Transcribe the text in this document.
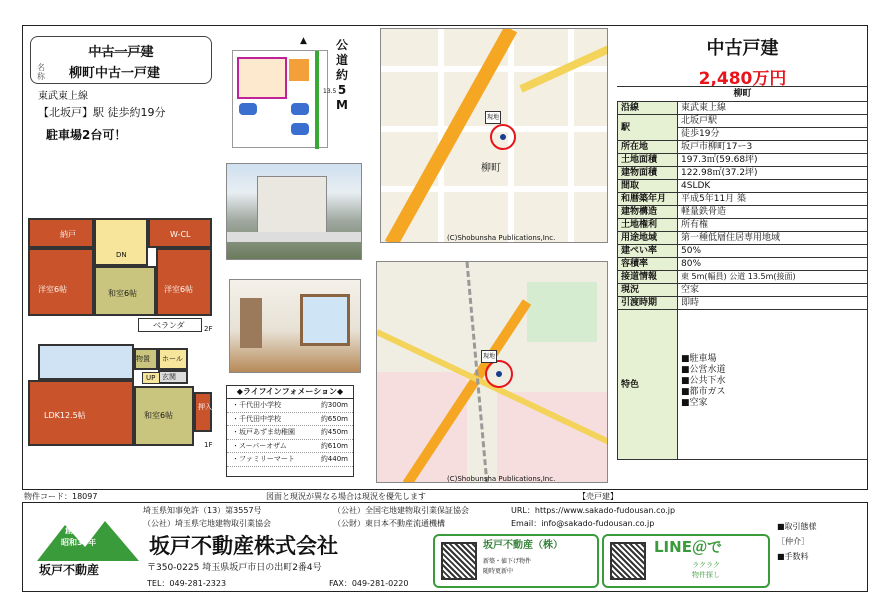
中古一戸建
名称	柳町中古一戸建
東武東上線
【北坂戸】駅 徒歩約19分
駐車場2台可！
▲ 公道約5M
13.5
納戸	W-CL
DN
洋室6帖	和室6帖	洋室6帖
ベランダ	2F
物置 ホール
玄関
LDK12.5帖
UP
和室6帖
押入
1F
◆ライフインフォメーション◆
・千代田小学校	約300m
・千代田中学校	約650m
・坂戸あずま幼稚園	約450m
・スーパーオザム	約610m
・ファミリーマート	約440m
現地
柳町
(C)Shobunsha Publications,Inc.
現地
(C)Shobunsha Publications,Inc.
中古戸建
2,480万円
柳町
沿線	東武東上線
駅	北坂戸駅
	徒歩19分
所在地	坂戸市柳町17ー3
土地面積	197.3㎡(59.68坪)
建物面積	122.98㎡(37.2坪)
間取	4SLDK
和暦築年月	平成5年11月 築
建物構造	軽量鉄骨造
土地権利	所有権
用途地域	第一種低層住居専用地域
建ぺい率	50%
容積率	80%
接道情報	東 5m(幅員) 公道 13.5m(接面)
現況	空家
引渡時期	即時
特色	■駐車場
■公営水道
■公共下水
■都市ガス
■空家
物件コード：18097	図面と現況が異なる場合は現況を優先します	【売戸建】
創業
昭和35年
坂戸不動産
埼玉県知事免許（13）第3557号	（公社）全国宅地建物取引業保証協会
（公社）埼玉県宅地建物取引業協会	（公財）東日本不動産流通機構
URL：https://www.sakado-fudousan.co.jp
Email：info@sakado-fudousan.co.jp
坂戸不動産株式会社
〒350-0225 埼玉県坂戸市日の出町2番4号
TEL：049-281-2323	FAX：049-281-0220
坂戸不動産（株）
新築・値下げ物件
随時更新中
LINE＠で
ラクラク
物件探し
■取引態様
［仲介］
■手数料
